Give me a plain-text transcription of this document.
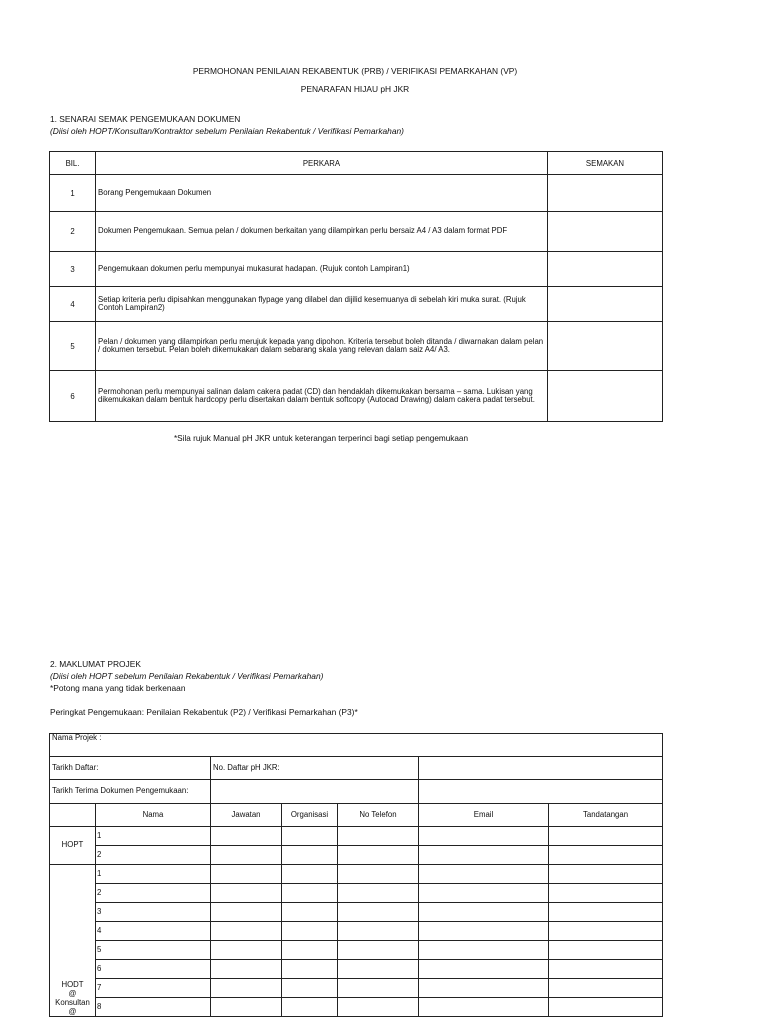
PERMOHONAN PENILAIAN REKABENTUK (PRB) / VERIFIKASI PEMARKAHAN (VP)
PENARAFAN HIJAU pH JKR
1. SENARAI SEMAK PENGEMUKAAN DOKUMEN
(Diisi oleh HOPT/Konsultan/Kontraktor sebelum Penilaian Rekabentuk / Verifikasi Pemarkahan)
BIL.	PERKARA	SEMAKAN
1	Borang Pengemukaan Dokumen	
2	Dokumen Pengemukaan. Semua pelan / dokumen berkaitan yang dilampirkan perlu bersaiz A4 / A3 dalam format PDF	
3	Pengemukaan dokumen perlu mempunyai mukasurat hadapan. (Rujuk contoh Lampiran1)	
4	Setiap kriteria perlu dipisahkan menggunakan flypage yang dilabel dan dijilid kesemuanya di sebelah kiri muka surat. (Rujuk Contoh Lampiran2)	
5	Pelan / dokumen yang dilampirkan perlu merujuk kepada yang dipohon. Kriteria tersebut boleh ditanda / diwarnakan dalam pelan / dokumen tersebut. Pelan boleh dikemukakan dalam sebarang skala yang relevan dalam saiz A4/ A3.	
6	Permohonan perlu mempunyai salinan dalam cakera padat (CD) dan hendaklah dikemukakan bersama – sama. Lukisan yang dikemukakan dalam bentuk hardcopy perlu disertakan dalam bentuk softcopy (Autocad Drawing) dalam cakera padat tersebut.	
*Sila rujuk Manual pH JKR untuk keterangan terperinci bagi setiap pengemukaan
2. MAKLUMAT PROJEK
(Diisi oleh HOPT sebelum Penilaian Rekabentuk / Verifikasi Pemarkahan)
*Potong mana yang tidak berkenaan
Peringkat Pengemukaan: Penilaian Rekabentuk (P2) / Verifikasi Pemarkahan (P3)*
Nama Projek :						
Tarikh Daftar:		No. Daftar pH JKR:				
Tarikh Terima Dokumen Pengemukaan:						
	Nama	Jawatan	Organisasi	No Telefon	Email	Tandatangan
HOPT	1					
	2					

HODT
@
Konsultan
@	1					
	2					
	3					
	4					
	5					
	6					
	7					
	8					
